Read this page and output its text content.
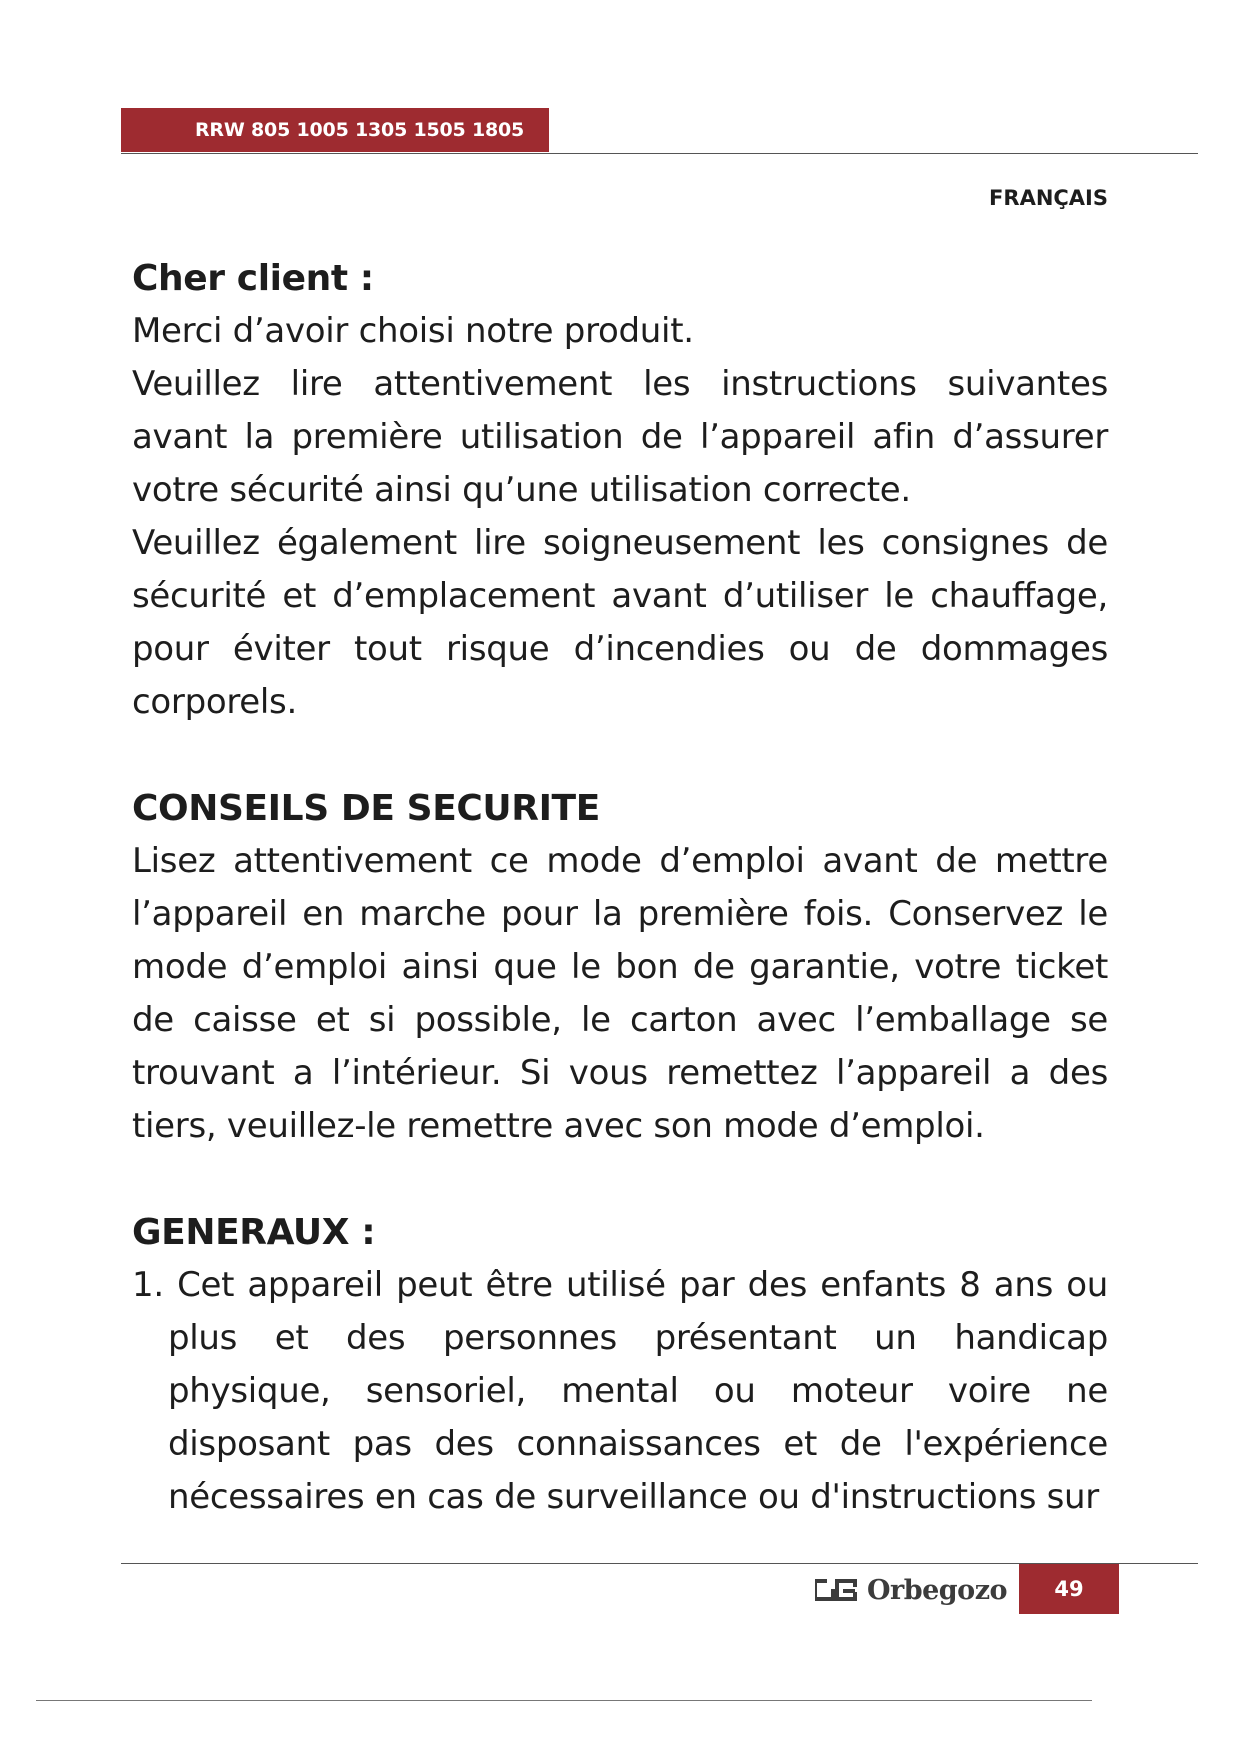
RRW 805 1005 1305 1505 1805
FRANÇAIS

Cher client :

Merci d’avoir choisi notre produit.

Veuillez lire attentivement les instructions suivantes avant la première utilisation de l’appareil afin d’assurer votre sécurité ainsi qu’une utilisation correcte.

Veuillez également lire soigneusement les consignes de sécurité et d’emplacement avant d’utiliser le chauffage, pour éviter tout risque d’incendies ou de dommages corporels.

CONSEILS DE SECURITE

Lisez attentivement ce mode d’emploi avant de mettre l’appareil en marche pour la première fois. Conservez le mode d’emploi ainsi que le bon de garantie, votre ticket de caisse et si possible, le carton avec l’emballage se trouvant a l’intérieur. Si vous remettez l’appareil a des tiers, veuillez-le remettre avec son mode d’emploi.

GENERAUX :

1. Cet appareil peut être utilisé par des enfants 8 ans ou plus et des personnes présentant un handicap physique, sensoriel, mental ou moteur voire ne disposant pas des connaissances et de l'expérience nécessaires en cas de surveillance ou d'instructions sur

Orbegozo	49
